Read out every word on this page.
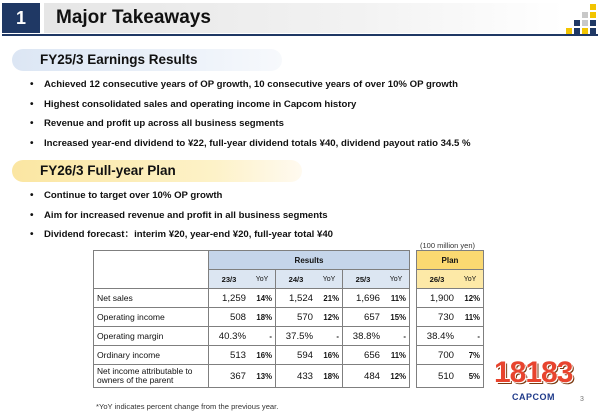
1	Major Takeaways
FY25/3 Earnings Results
• Achieved 12 consecutive years of OP growth, 10 consecutive years of over 10% OP growth
• Highest consolidated sales and operating income in Capcom history
• Revenue and profit up across all business segments
• Increased year-end dividend to ¥22, full-year dividend totals ¥40, dividend payout ratio 34.5 %
FY26/3 Full-year Plan
• Continue to target over 10% OP growth
• Aim for increased revenue and profit in all business segments
• Dividend forecast：interim ¥20, year-end ¥20, full-year total ¥40
(100 million yen)
	Results							Plan	
	23/3	YoY	24/3	YoY	25/3	YoY		26/3	YoY
Net sales	1,259	14%	1,524	21%	1,696	11%		1,900	12%
Operating income	508	18%	570	12%	657	15%		730	11%
Operating margin	40.3%	-	37.5%	-	38.8%	-		38.4%	-
Ordinary income	513	16%	594	16%	656	11%		700	7%
Net income attributable to
owners of the parent	367	13%	433	18%	484	12%		510	5%
*YoY indicates percent change from the previous year.
18183
CAPCOM	3
